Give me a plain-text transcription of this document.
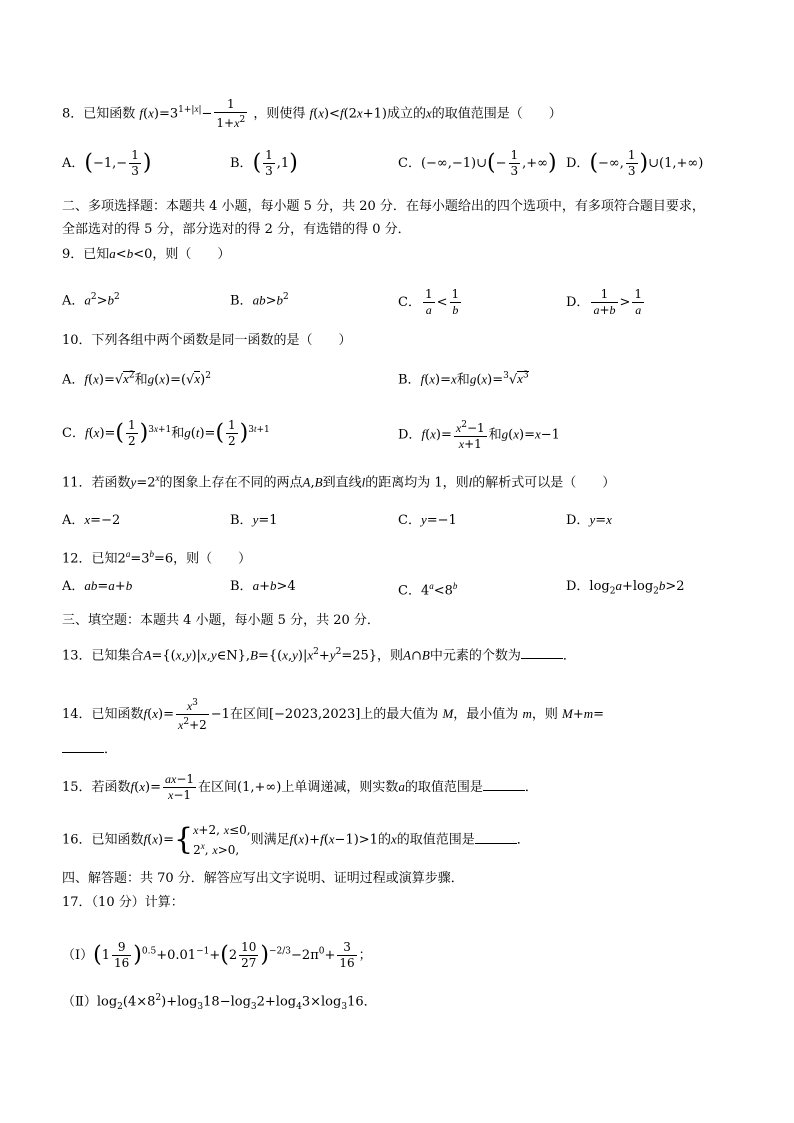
8．已知函数 $f(x)=3^{1+|x|}- \frac{1}{1+x^2}$ ，则使得 f(x)<f(2x+1)成立的x的取值范围是（　　）
A．($-1,- \frac{1}{3}$ )	B．( $\frac{1}{3} ,1$)	C．(−∞,−1)∪(− $\frac{1}{3}$ ,+∞) D．(−∞, $\frac{1}{3}$ )∪(1,+∞)
二、多项选择题：本题共 4 小题，每小题 5 分，共 20 分．在每小题给出的四个选项中，有多项符合题目要求，
全部选对的得 5 分，部分选对的得 2 分，有选错的得 0 分．
9．已知a<b<0，则（　　）
A．$a^2>b^2$	B．$ab>b^2$	C． $\frac{1}{a} < \frac{1}{b}$	D． $\frac{1}{a+b} > \frac{1}{a}$
10．下列各组中两个函数是同一函数的是（　　）
A．$f(x)=√x^2$和$g(x)=(√x)^2$	B．f(x)=x和$g(x)=^3√x^3$
C．$f(x)=( \frac{1}{2} )^{3x+1}$和$g(t)=( \frac{1}{2} )^{3t+1}$	D．$f(x)= \frac{x^2-1}{x+1}$ 和g(x)=x−1
11．若函数$y=2^x$的图象上存在不同的两点A,B到直线l的距离均为 1，则l的解析式可以是（　　）
A．x=−2	B．y=1	C．y=−1	D．y=x
12．已知$2^a=3^b=6$，则（　　）
A．ab=a+b	B．a+b>4	C．$4^a<8^b$	D．$\log_2a+\log_2b>2$
三、填空题：本题共 4 小题，每小题 5 分，共 20 分．
13．已知集合$A=\{(x,y)|x,y\in N\},B=\{(x,y)|x^2+y^2=25\}$，则A∩B中元素的个数为	．
14．已知函数$f(x)= \frac{x^3}{x^2+2} -1$在区间[−2023,2023]上的最大值为 M，最小值为 m，则 M+m=
．
15．若函数$f(x)= \frac{ax-1}{x-1}$ 在区间(1,+∞)上单调递减，则实数a的取值范围是	．
16．已知函数f(x)={x+2, x≤0,
2$^x$, x>0,则满足f(x)+f(x−1)>1的x的取值范围是	．
四、解答题：共 70 分．解答应写出文字说明、证明过程或演算步骤．
17．（10 分）计算：
（Ⅰ）(1 $\frac{9}{16} )^{0.5}+0.01^{-1}+(2 \frac{10}{27} )^{-2/3}-2\pi^0+ \frac{3}{16}$ ；
$(Ⅱ)\log_2(4\times 8^2)+\log_318-\log_32+\log_43\times\log_316$．
